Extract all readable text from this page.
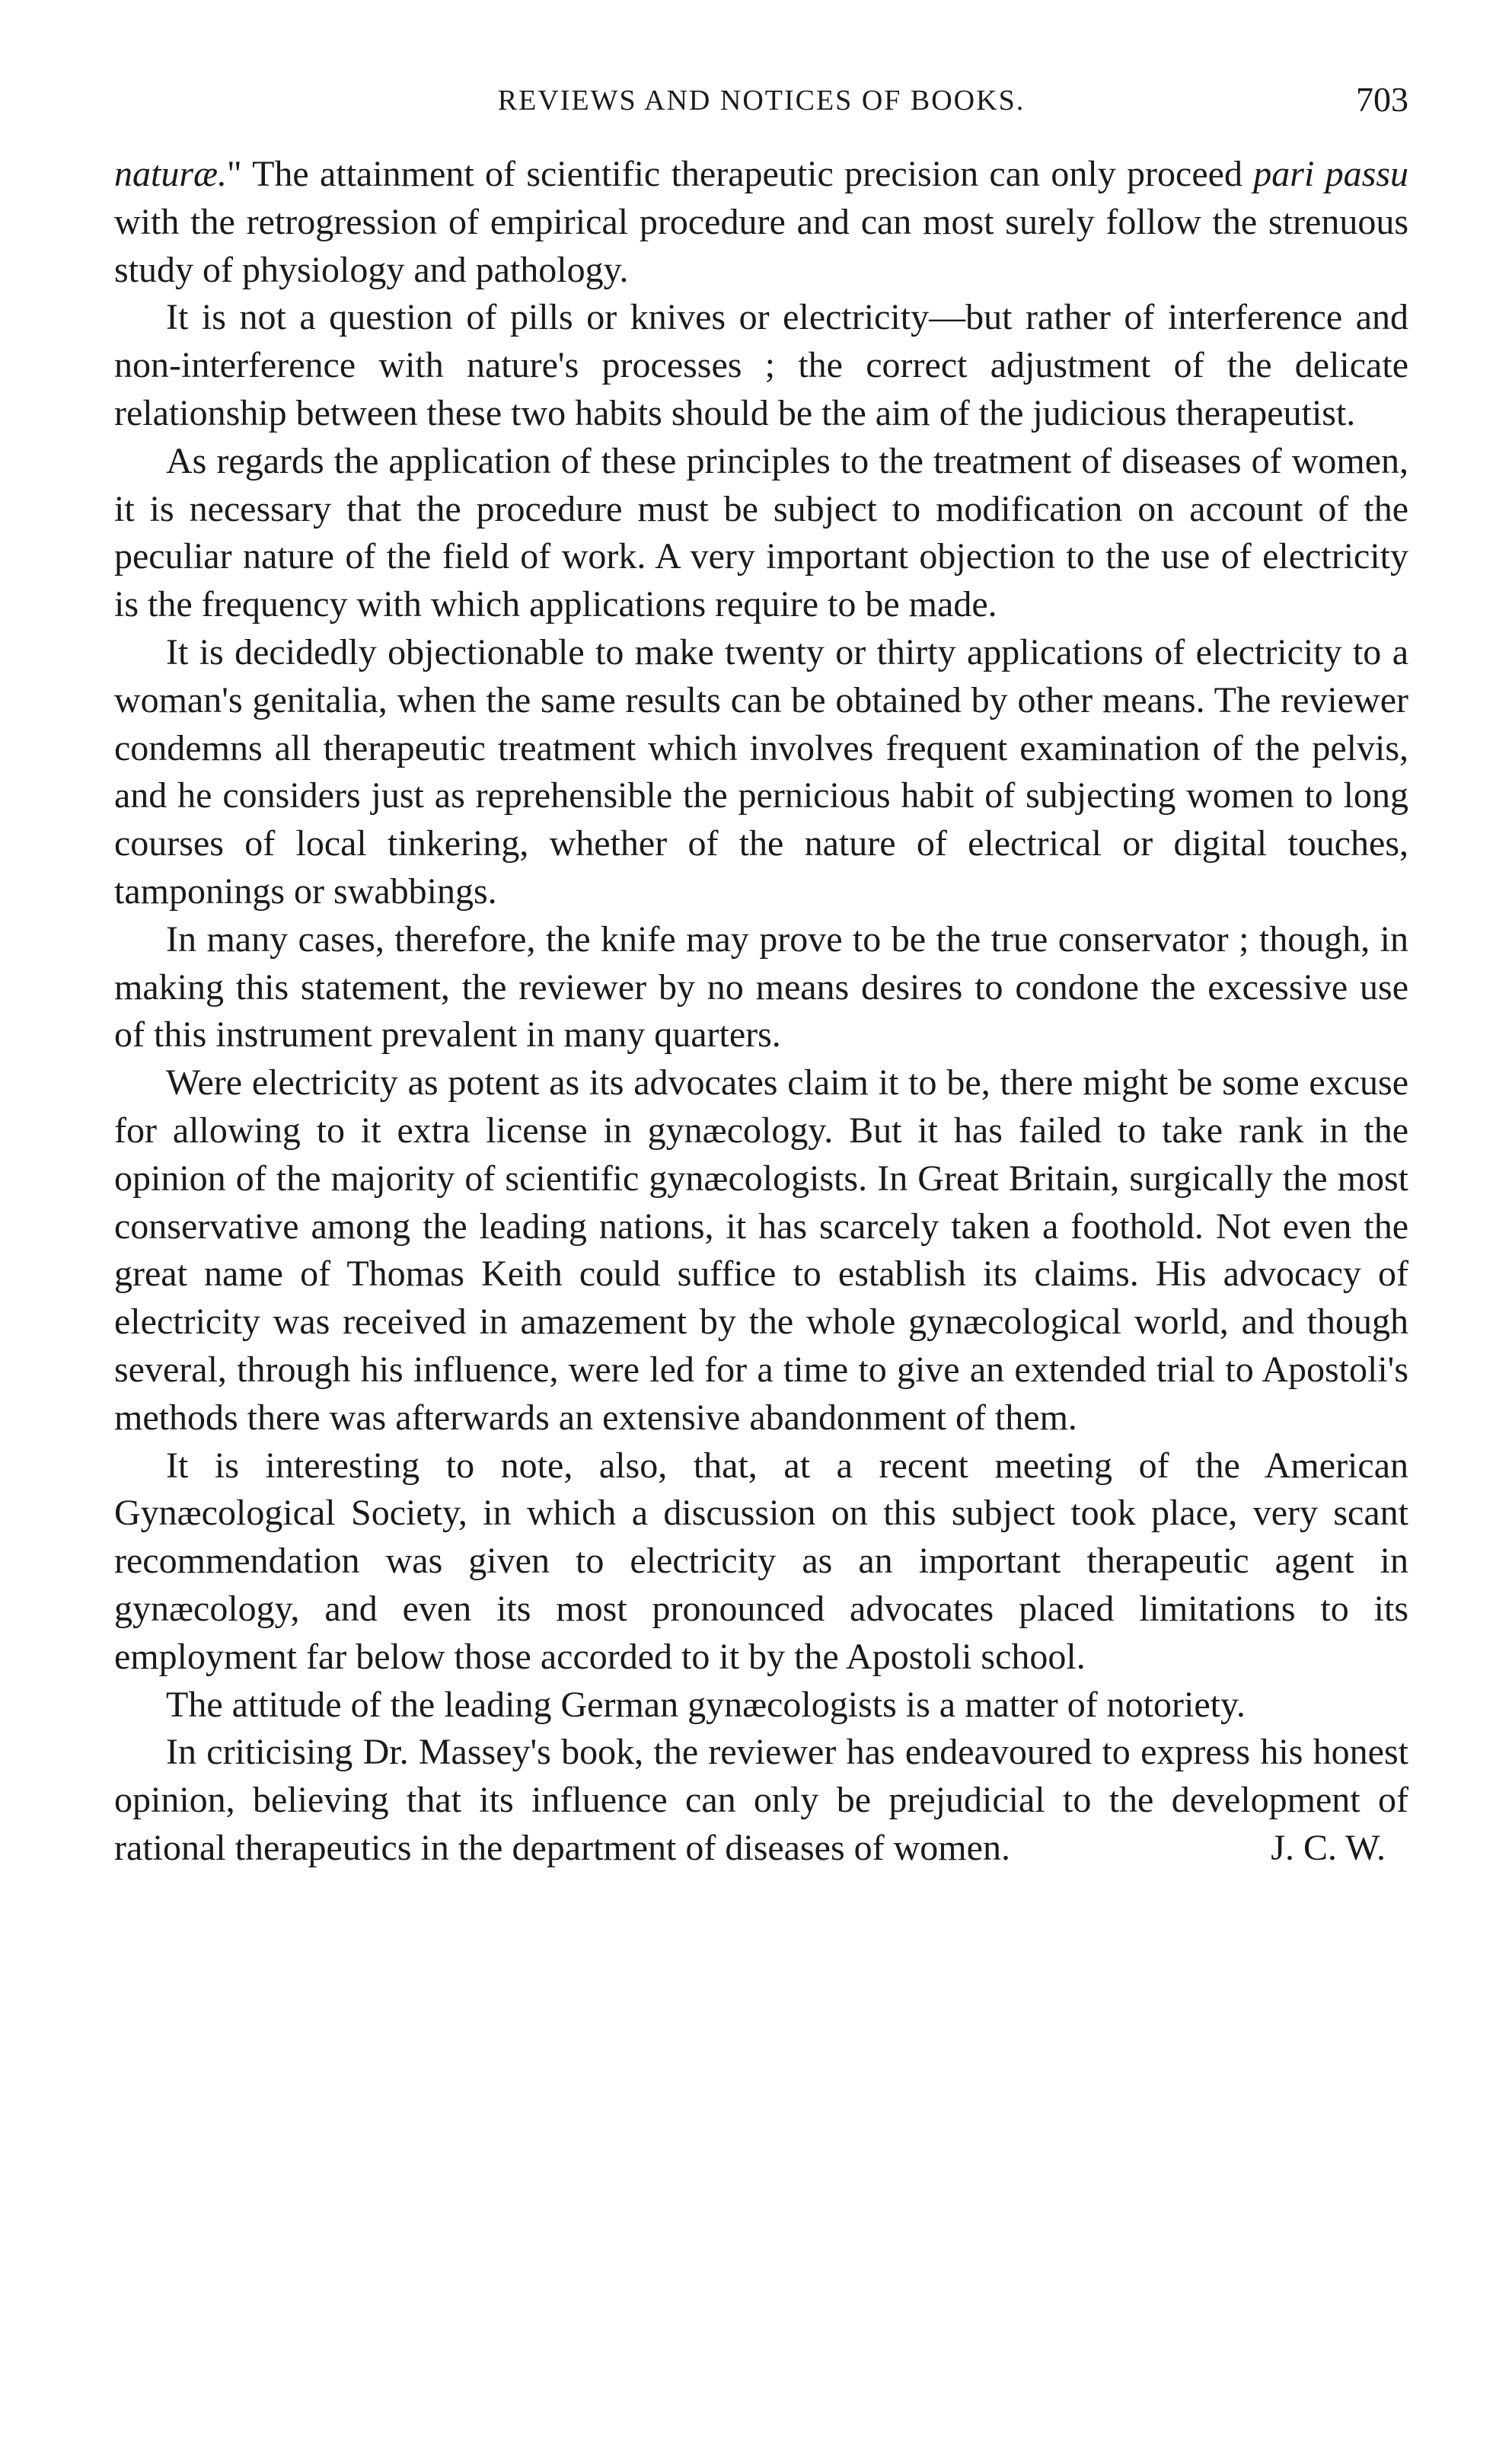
REVIEWS AND NOTICES OF BOOKS.	703

naturæ." The attainment of scientific therapeutic precision can only proceed pari passu with the retrogression of empirical procedure and can most surely follow the strenuous study of physiology and pathology.

It is not a question of pills or knives or electricity—but rather of interference and non-interference with nature's processes ; the correct adjustment of the delicate relationship between these two habits should be the aim of the judicious therapeutist.

As regards the application of these principles to the treatment of diseases of women, it is necessary that the procedure must be subject to modification on account of the peculiar nature of the field of work. A very important objection to the use of electricity is the frequency with which applications require to be made.

It is decidedly objectionable to make twenty or thirty applications of electricity to a woman's genitalia, when the same results can be obtained by other means. The reviewer condemns all therapeutic treatment which involves frequent examination of the pelvis, and he considers just as reprehensible the pernicious habit of subjecting women to long courses of local tinkering, whether of the nature of electrical or digital touches, tamponings or swabbings.

In many cases, therefore, the knife may prove to be the true conservator ; though, in making this statement, the reviewer by no means desires to condone the excessive use of this instrument prevalent in many quarters.

Were electricity as potent as its advocates claim it to be, there might be some excuse for allowing to it extra license in gynæcology. But it has failed to take rank in the opinion of the majority of scientific gynæcologists. In Great Britain, surgically the most conservative among the leading nations, it has scarcely taken a foothold. Not even the great name of Thomas Keith could suffice to establish its claims. His advocacy of electricity was received in amazement by the whole gynæcological world, and though several, through his influence, were led for a time to give an extended trial to Apostoli's methods there was afterwards an extensive abandonment of them.

It is interesting to note, also, that, at a recent meeting of the American Gynæcological Society, in which a discussion on this subject took place, very scant recommendation was given to electricity as an important therapeutic agent in gynæcology, and even its most pronounced advocates placed limitations to its employment far below those accorded to it by the Apostoli school.

The attitude of the leading German gynæcologists is a matter of notoriety.

In criticising Dr. Massey's book, the reviewer has endeavoured to express his honest opinion, believing that its influence can only be prejudicial to the development of rational therapeutics in the department of diseases of women.	J. C. W.
